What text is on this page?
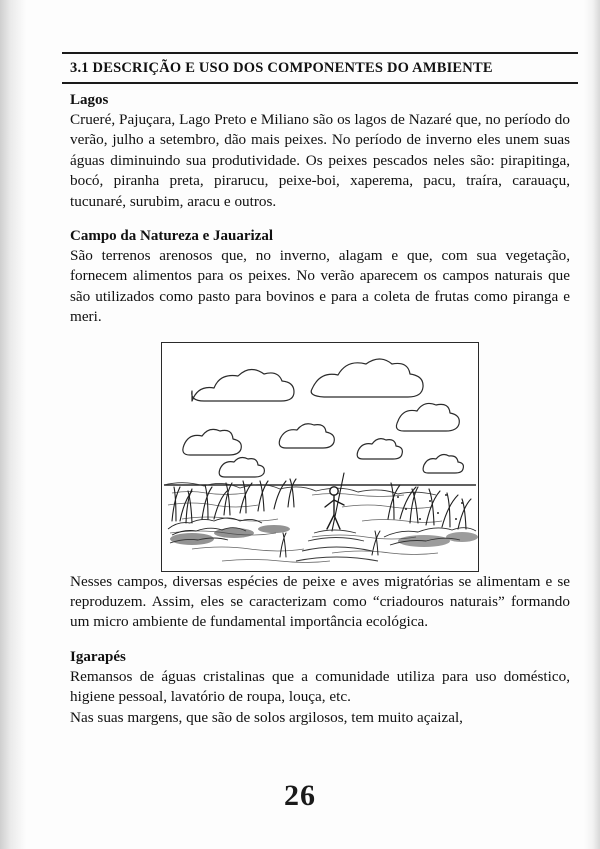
3.1 DESCRIÇÃO E USO DOS COMPONENTES DO AMBIENTE
Lagos

Crueré, Pajuçara, Lago Preto e Miliano são os lagos de Nazaré que, no período do verão, julho a setembro, dão mais peixes. No período de inverno eles unem suas águas diminuindo sua produtividade. Os peixes pescados neles são: pirapitinga, bocó, piranha preta, pirarucu, peixe-boi, xaperema, pacu, traíra, carauaçu, tucunaré, surubim, aracu e outros.

Campo da Natureza e Jauarizal

São terrenos arenosos que, no inverno, alagam e que, com sua vegetação, fornecem alimentos para os peixes. No verão aparecem os campos naturais que são utilizados como pasto para bovinos e para a coleta de frutas como piranga e meri.

Nesses campos, diversas espécies de peixe e aves migratórias se alimentam e se reproduzem. Assim, eles se caracterizam como “criadouros naturais” formando um micro ambiente de fundamental importância ecológica.

Igarapés

Remansos de águas cristalinas que a comunidade utiliza para uso doméstico, higiene pessoal, lavatório de roupa, louça, etc.

Nas suas margens, que são de solos argilosos, tem muito açaizal,

26
